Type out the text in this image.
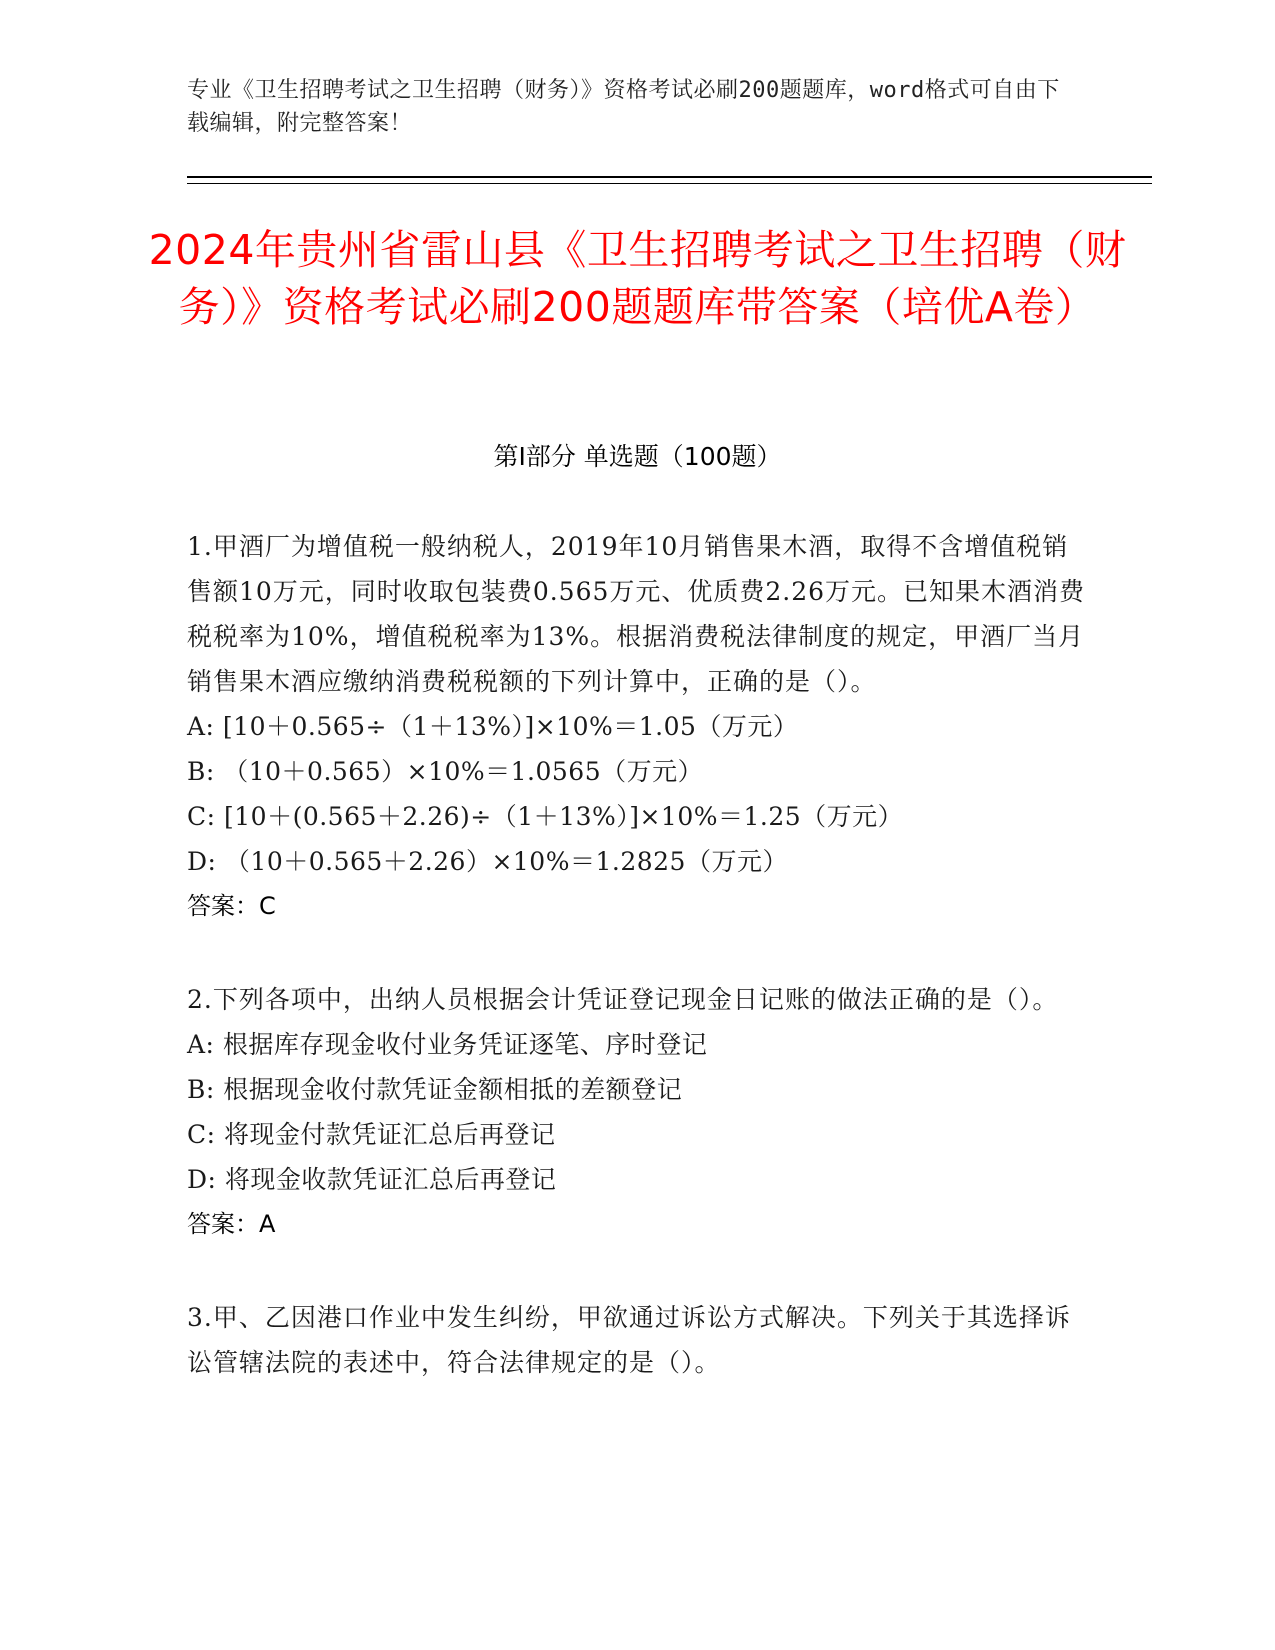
专业《卫生招聘考试之卫生招聘（财务）》资格考试必刷200题题库，word格式可自由下载编辑，附完整答案！
2024年贵州省雷山县《卫生招聘考试之卫生招聘（财务）》资格考试必刷200题题库带答案（培优A卷）
第I部分 单选题（100题）

1.甲酒厂为增值税一般纳税人，2019年10月销售果木酒，取得不含增值税销售额10万元，同时收取包装费0.565万元、优质费2.26万元。已知果木酒消费税税率为10%，增值税税率为13%。根据消费税法律制度的规定，甲酒厂当月销售果木酒应缴纳消费税税额的下列计算中，正确的是（）。

A: [10＋0.565÷（1＋13%）]×10%＝1.05（万元）

B: （10＋0.565）×10%＝1.0565（万元）

C: [10＋(0.565＋2.26)÷（1＋13%）]×10%＝1.25（万元）

D: （10＋0.565＋2.26）×10%＝1.2825（万元）

答案：C

2.下列各项中，出纳人员根据会计凭证登记现金日记账的做法正确的是（）。

A: 根据库存现金收付业务凭证逐笔、序时登记

B: 根据现金收付款凭证金额相抵的差额登记

C: 将现金付款凭证汇总后再登记

D: 将现金收款凭证汇总后再登记

答案：A

3.甲、乙因港口作业中发生纠纷，甲欲通过诉讼方式解决。下列关于其选择诉讼管辖法院的表述中，符合法律规定的是（）。
